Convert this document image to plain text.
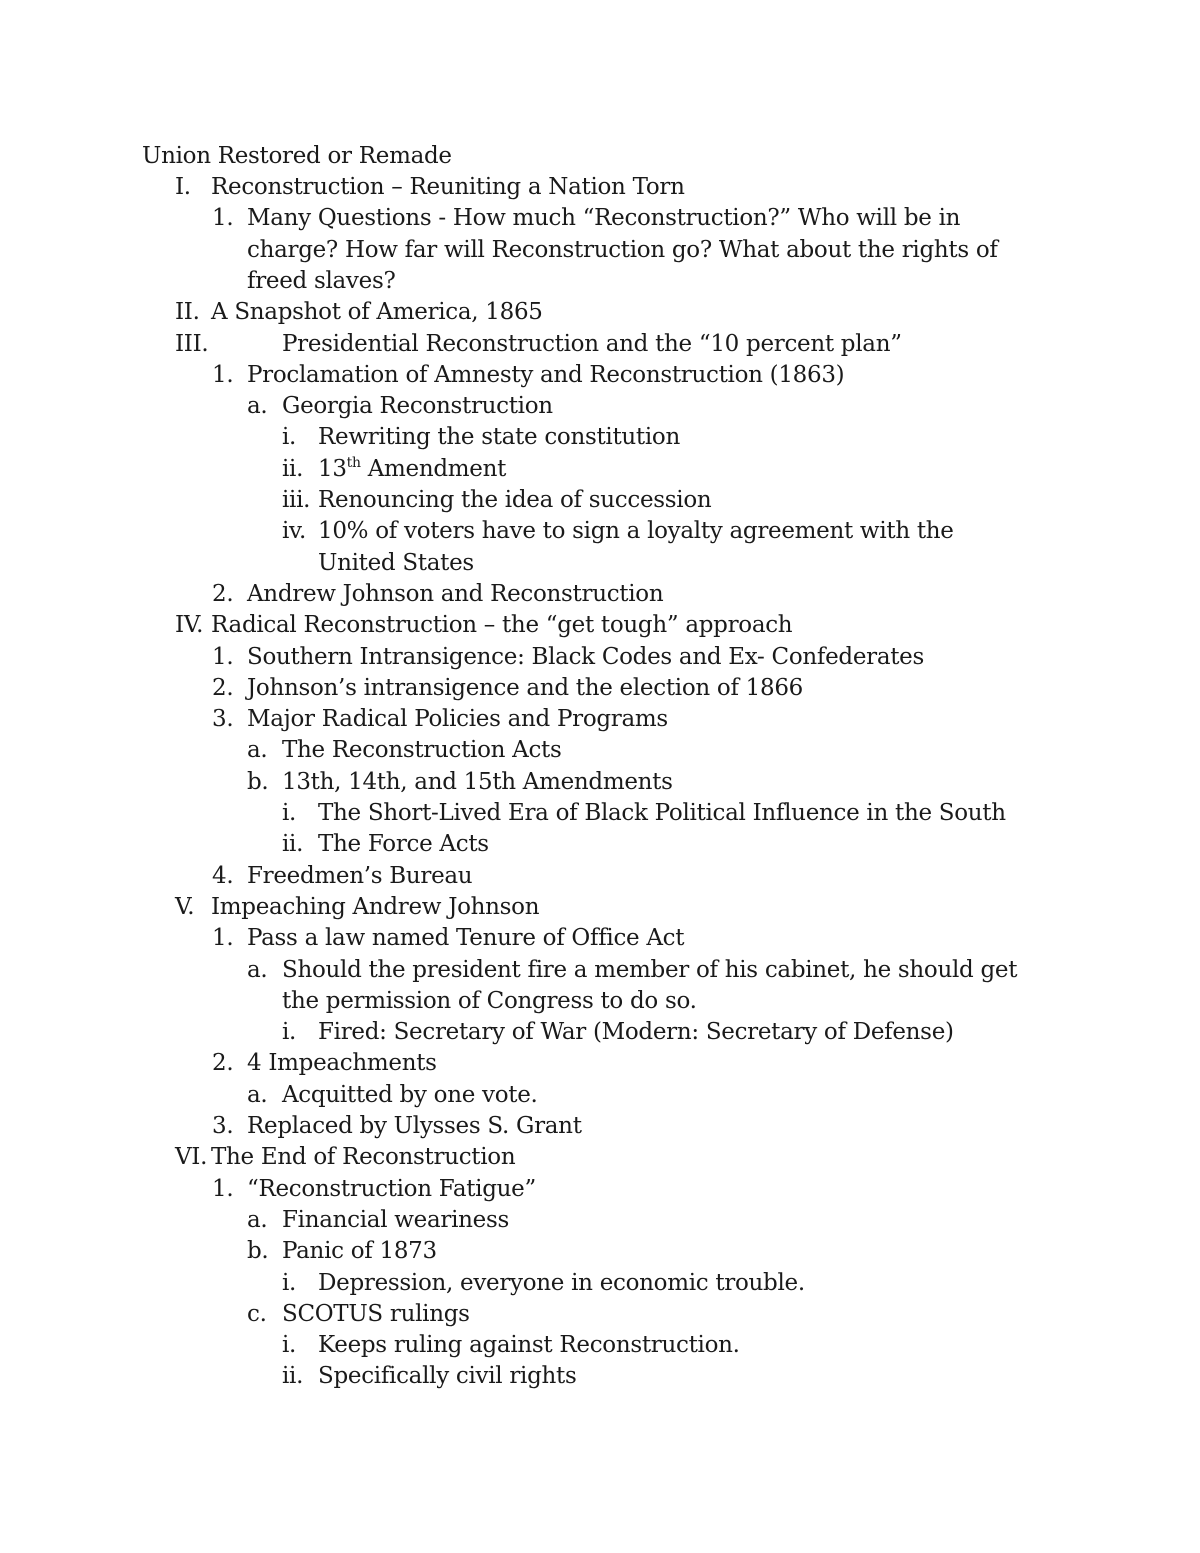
Union Restored or Remade
I. Reconstruction – Reuniting a Nation Torn
1. Many Questions - How much “Reconstruction?” Who will be in
charge? How far will Reconstruction go? What about the rights of
freed slaves?
II. A Snapshot of America, 1865
III.	Presidential Reconstruction and the “10 percent plan”
1. Proclamation of Amnesty and Reconstruction (1863)
a. Georgia Reconstruction
i. Rewriting the state constitution
ii. 13th Amendment
iii. Renouncing the idea of succession
iv. 10% of voters have to sign a loyalty agreement with the
United States
2. Andrew Johnson and Reconstruction
IV. Radical Reconstruction – the “get tough” approach
1. Southern Intransigence: Black Codes and Ex- Confederates
2. Johnson’s intransigence and the election of 1866
3. Major Radical Policies and Programs
a. The Reconstruction Acts
b. 13th, 14th, and 15th Amendments
i. The Short-Lived Era of Black Political Influence in the South
ii. The Force Acts
4. Freedmen’s Bureau
V. Impeaching Andrew Johnson
1. Pass a law named Tenure of Office Act
a. Should the president fire a member of his cabinet, he should get
the permission of Congress to do so.
i. Fired: Secretary of War (Modern: Secretary of Defense)
2. 4 Impeachments
a. Acquitted by one vote.
3. Replaced by Ulysses S. Grant
VI. The End of Reconstruction
1. “Reconstruction Fatigue”
a. Financial weariness
b. Panic of 1873
i. Depression, everyone in economic trouble.
c. SCOTUS rulings
i. Keeps ruling against Reconstruction.
ii. Specifically civil rights
